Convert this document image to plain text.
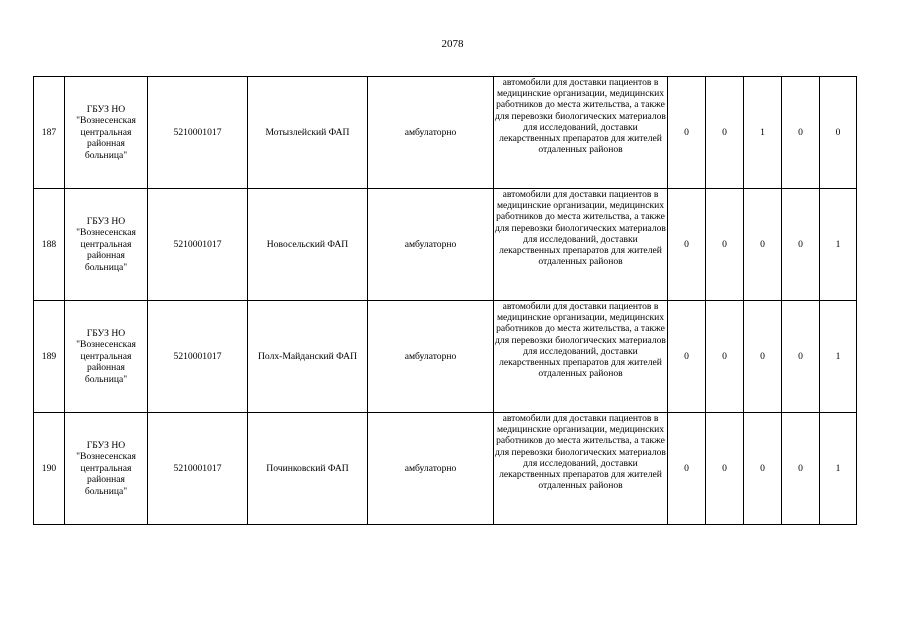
2078
187	ГБУЗ НО "Вознесенская центральная районная больница"	5210001017	Мотызлейский ФАП	амбулаторно	автомобили для доставки пациентов в медицинские организации, медицинских работников до места жительства, а также для перевозки биологических материалов для исследований, доставки лекарственных препаратов для жителей отдаленных районов	0	0	1	0	0
188	ГБУЗ НО "Вознесенская центральная районная больница"	5210001017	Новосельский ФАП	амбулаторно	автомобили для доставки пациентов в медицинские организации, медицинских работников до места жительства, а также для перевозки биологических материалов для исследований, доставки лекарственных препаратов для жителей отдаленных районов	0	0	0	0	1
189	ГБУЗ НО "Вознесенская центральная районная больница"	5210001017	Полх-Майданский ФАП	амбулаторно	автомобили для доставки пациентов в медицинские организации, медицинских работников до места жительства, а также для перевозки биологических материалов для исследований, доставки лекарственных препаратов для жителей отдаленных районов	0	0	0	0	1
190	ГБУЗ НО "Вознесенская центральная районная больница"	5210001017	Починковский ФАП	амбулаторно	автомобили для доставки пациентов в медицинские организации, медицинских работников до места жительства, а также для перевозки биологических материалов для исследований, доставки лекарственных препаратов для жителей отдаленных районов	0	0	0	0	1
